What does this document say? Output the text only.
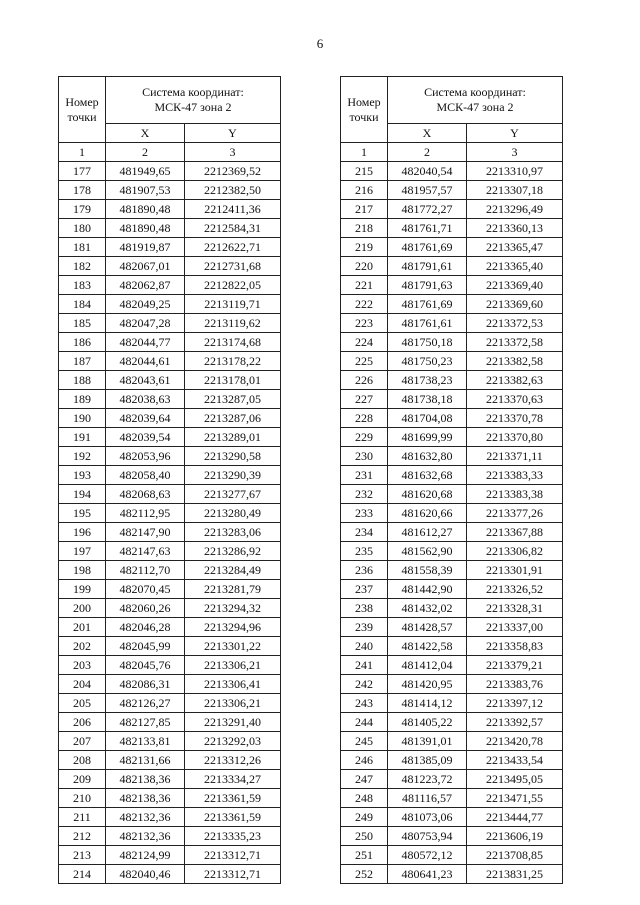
6
Номер
точки	Система координат:
МСК-47 зона 2	
	X	Y
1	2	3
177	481949,65	2212369,52
178	481907,53	2212382,50
179	481890,48	2212411,36
180	481890,48	2212584,31
181	481919,87	2212622,71
182	482067,01	2212731,68
183	482062,87	2212822,05
184	482049,25	2213119,71
185	482047,28	2213119,62
186	482044,77	2213174,68
187	482044,61	2213178,22
188	482043,61	2213178,01
189	482038,63	2213287,05
190	482039,64	2213287,06
191	482039,54	2213289,01
192	482053,96	2213290,58
193	482058,40	2213290,39
194	482068,63	2213277,67
195	482112,95	2213280,49
196	482147,90	2213283,06
197	482147,63	2213286,92
198	482112,70	2213284,49
199	482070,45	2213281,79
200	482060,26	2213294,32
201	482046,28	2213294,96
202	482045,99	2213301,22
203	482045,76	2213306,21
204	482086,31	2213306,41
205	482126,27	2213306,21
206	482127,85	2213291,40
207	482133,81	2213292,03
208	482131,66	2213312,26
209	482138,36	2213334,27
210	482138,36	2213361,59
211	482132,36	2213361,59
212	482132,36	2213335,23
213	482124,99	2213312,71
214	482040,46	2213312,71
Номер
точки	Система координат:
МСК-47 зона 2	
	X	Y
1	2	3
215	482040,54	2213310,97
216	481957,57	2213307,18
217	481772,27	2213296,49
218	481761,71	2213360,13
219	481761,69	2213365,47
220	481791,61	2213365,40
221	481791,63	2213369,40
222	481761,69	2213369,60
223	481761,61	2213372,53
224	481750,18	2213372,58
225	481750,23	2213382,58
226	481738,23	2213382,63
227	481738,18	2213370,63
228	481704,08	2213370,78
229	481699,99	2213370,80
230	481632,80	2213371,11
231	481632,68	2213383,33
232	481620,68	2213383,38
233	481620,66	2213377,26
234	481612,27	2213367,88
235	481562,90	2213306,82
236	481558,39	2213301,91
237	481442,90	2213326,52
238	481432,02	2213328,31
239	481428,57	2213337,00
240	481422,58	2213358,83
241	481412,04	2213379,21
242	481420,95	2213383,76
243	481414,12	2213397,12
244	481405,22	2213392,57
245	481391,01	2213420,78
246	481385,09	2213433,54
247	481223,72	2213495,05
248	481116,57	2213471,55
249	481073,06	2213444,77
250	480753,94	2213606,19
251	480572,12	2213708,85
252	480641,23	2213831,25
